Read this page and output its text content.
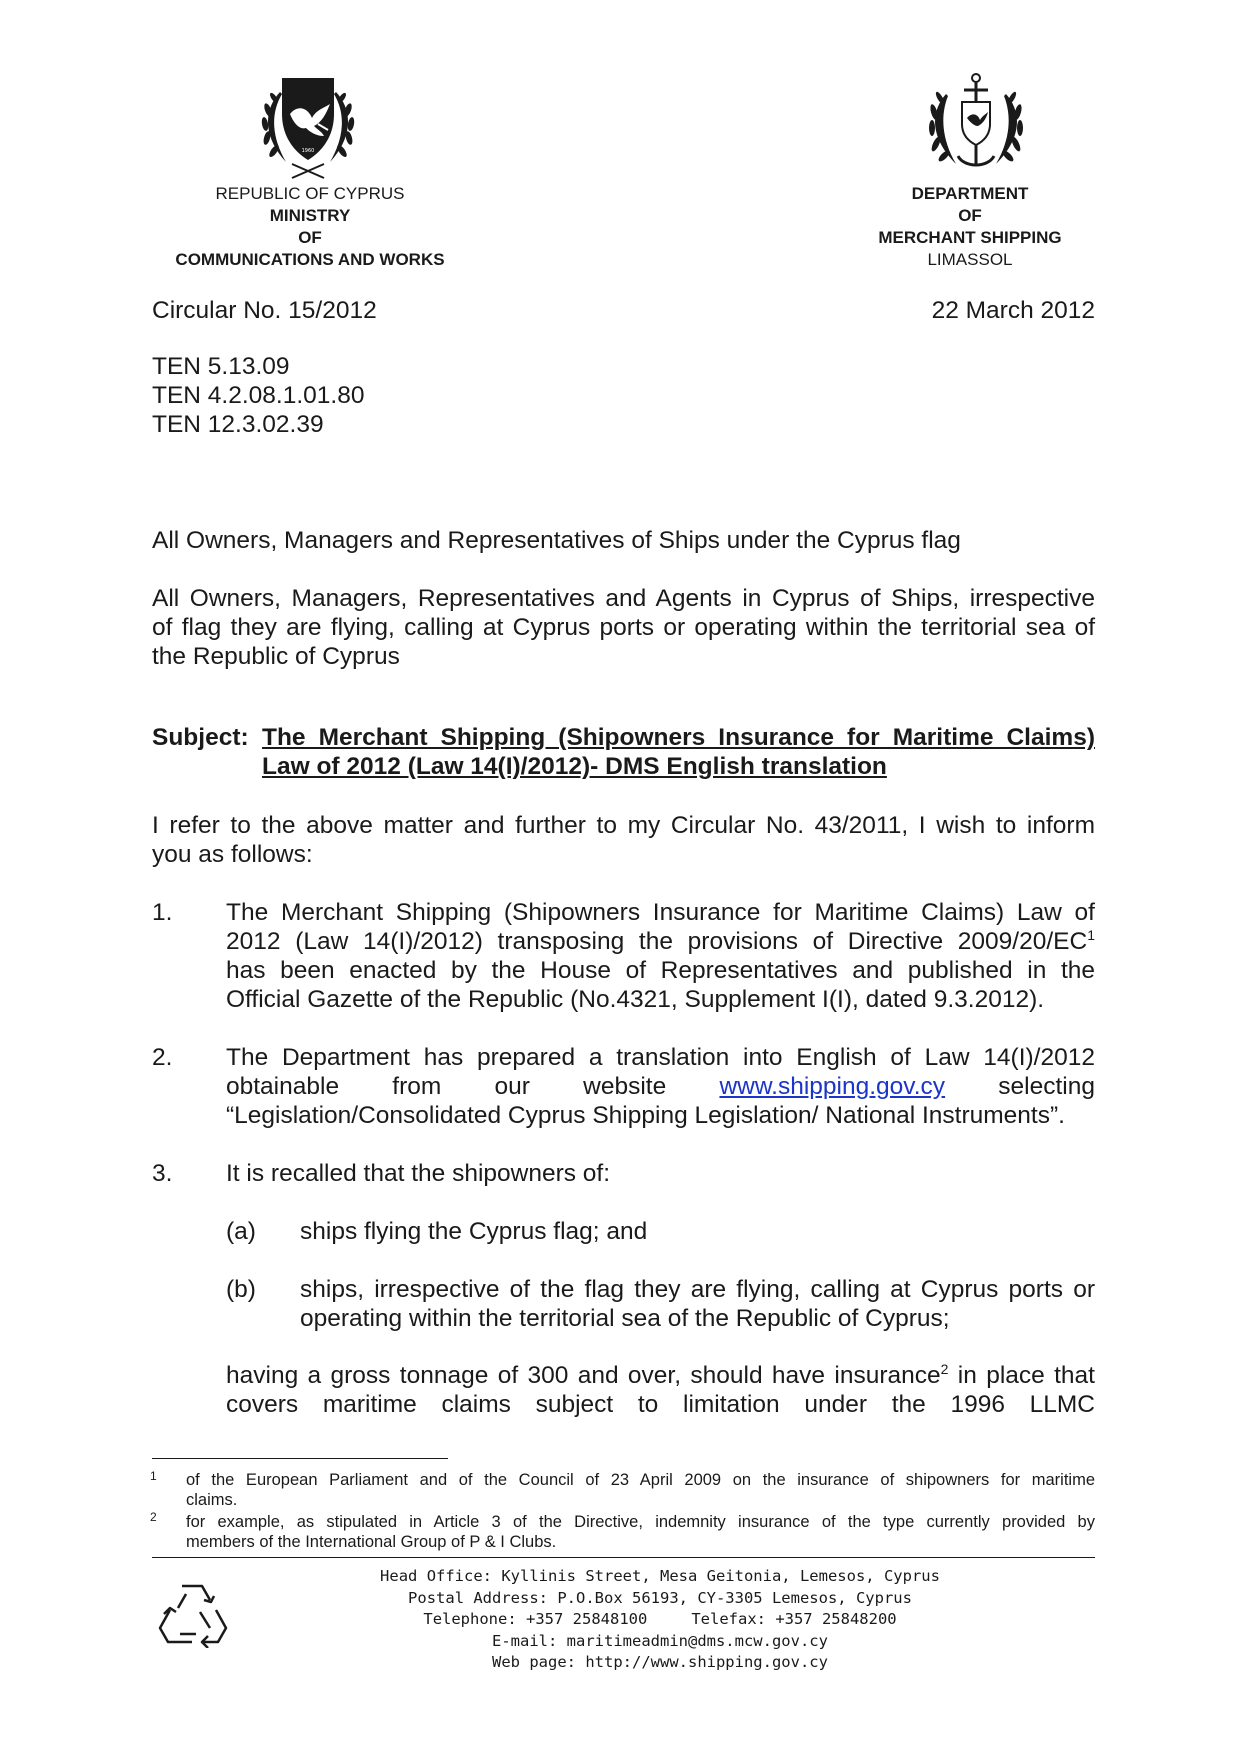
1960
REPUBLIC OF CYPRUS
MINISTRY
OF
COMMUNICATIONS AND WORKS
DEPARTMENT
OF
MERCHANT SHIPPING
LIMASSOL
Circular No. 15/2012	22 March 2012
TEN 5.13.09
TEN 4.2.08.1.01.80
TEN 12.3.02.39
All Owners, Managers and Representatives of Ships under the Cyprus flag
All Owners, Managers, Representatives and Agents in Cyprus of Ships, irrespective
of flag they are flying, calling at Cyprus ports or operating within the territorial sea of
the Republic of Cyprus
Subject: The Merchant Shipping (Shipowners Insurance for Maritime Claims)
Law of 2012 (Law 14(I)/2012)- DMS English translation
I refer to the above matter and further to my Circular No. 43/2011, I wish to inform
you as follows:
1. The Merchant Shipping (Shipowners Insurance for Maritime Claims) Law of
2012 (Law 14(I)/2012) transposing the provisions of Directive $2009/20/EC^1$
has been enacted by the House of Representatives and published in the
Official Gazette of the Republic (No.4321, Supplement I(I), dated 9.3.2012).
2. The Department has prepared a translation into English of Law 14(I)/2012
obtainable from our website www.shipping.gov.cy selecting
“Legislation/Consolidated Cyprus Shipping Legislation/ National Instruments”.
3. It is recalled that the shipowners of:
(a) ships flying the Cyprus flag; and
(b) ships, irrespective of the flag they are flying, calling at Cyprus ports or
operating within the territorial sea of the Republic of Cyprus;
having a gross tonnage of 300 and over, should have insurance$^2$ in place that
covers maritime claims subject to limitation under the 1996 LLMC
1 of the European Parliament and of the Council of 23 April 2009 on the insurance of shipowners for maritime
claims.
2 for example, as stipulated in Article 3 of the Directive, indemnity insurance of the type currently provided by
members of the International Group of P & I Clubs.
Head Office: Kyllinis Street, Mesa Geitonia, Lemesos, Cyprus
Postal Address: P.O.Box 56193, CY-3305 Lemesos, Cyprus
Telephone: +357 25848100	Telefax: +357 25848200
E-mail: maritimeadmin@dms.mcw.gov.cy
Web page: http://www.shipping.gov.cy
